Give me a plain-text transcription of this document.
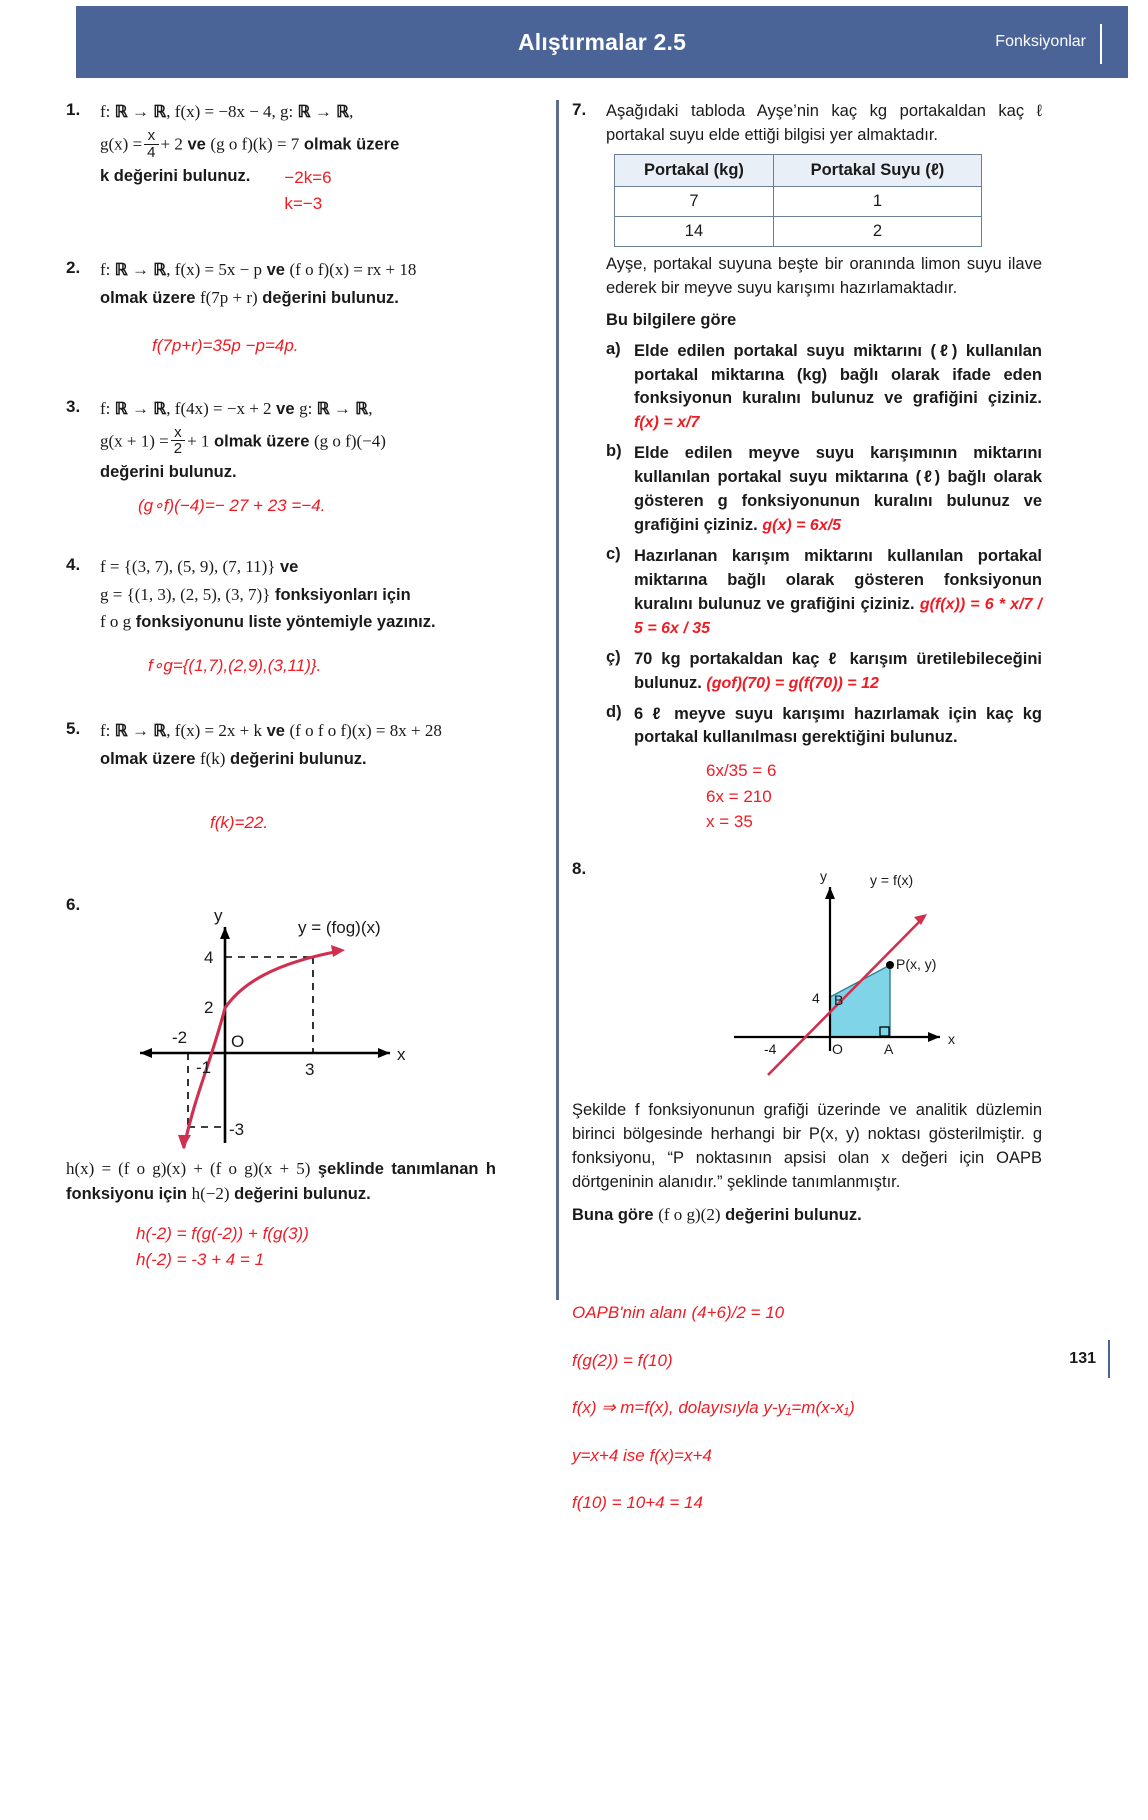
Alıştırmalar 2.5	Fonksiyonlar
1.	f: ℝ → ℝ, f(x) = −8x − 4, g: ℝ → ℝ,
$g(x) = \frac{x}{4} + 2$ ve (g o f)(k) = 7 olmak üzere
k değerini bulunuz. −2k=6
k=−3
2.	f: ℝ → ℝ, f(x) = 5x − p ve (f o f)(x) = rx + 18
olmak üzere f(7p + r) değerini bulunuz.
f(7p+r)=35p −p=4p.
3.	f: ℝ → ℝ, f(4x) = −x + 2 ve g: ℝ → ℝ,
$g(x + 1) = \frac{x}{2} + 1$ olmak üzere (g o f)(−4)
değerini bulunuz.
(g∘f)(−4)=− 27 + 23 =−4.
4.	f = {(3, 7), (5, 9), (7, 11)} ve
g = {(1, 3), (2, 5), (3, 7)} fonksiyonları için
f o g fonksiyonunu liste yöntemiyle yazınız.
f∘g={(1,7),(2,9),(3,11)}.
5.	f: ℝ → ℝ, f(x) = 2x + k ve (f o f o f)(x) = 8x + 28
olmak üzere f(k) değerini bulunuz.
f(k)=22.
6.
4
2
-2
-1	3
-3
O
y
x
y = (fog)(x)
h(x) = (f o g)(x) + (f o g)(x + 5) şeklinde tanımlanan h fonksiyonu için h(−2) değerini bulunuz.
h(-2) = f(g(-2)) + f(g(3))
h(-2) = -3 + 4 = 1
7.	Aşağıdaki tabloda Ayşe’nin kaç kg portakaldan kaç ℓ portakal suyu elde ettiği bilgisi yer almaktadır.
Portakal (kg)	Portakal Suyu (ℓ)
7	1
14	2
Ayşe, portakal suyuna beşte bir oranında limon suyu ilave ederek bir meyve suyu karışımı hazırlamaktadır.
Bu bilgilere göre
a) Elde edilen portakal suyu miktarını (ℓ) kullanılan portakal miktarına (kg) bağlı olarak ifade eden fonksiyonun kuralını bulunuz ve grafiğini çiziniz. f(x) = x/7
b) Elde edilen meyve suyu karışımının miktarını kullanılan portakal suyu miktarına (ℓ) bağlı olarak gösteren g fonksiyonunun kuralını bulunuz ve grafiğini çiziniz. g(x) = 6x/5
c) Hazırlanan karışım miktarını kullanılan portakal miktarına bağlı olarak gösteren fonksiyonun kuralını bulunuz ve grafiğini çiziniz. g(f(x)) = 6 * x/7 / 5 = 6x / 35
ç) 70 kg portakaldan kaç ℓ karışım üretilebileceğini bulunuz. (gof)(70) = g(f(70)) = 12
d) 6 ℓ meyve suyu karışımı hazırlamak için kaç kg portakal kullanılması gerektiğini bulunuz.
6x/35 = 6
6x = 210
x = 35
8.	y
x
y = f(x)
P(x, y)
4 B
O	A
-4
Şekilde f fonksiyonunun grafiği üzerinde ve analitik düzlemin birinci bölgesinde herhangi bir P(x, y) noktası gösterilmiştir. g fonksiyonu, “P noktasının apsisi olan x değeri için OAPB dörtgeninin alanıdır.” şeklinde tanımlanmıştır.
Buna göre (f o g)(2) değerini bulunuz.
OAPB'nin alanı (4+6)/2 = 10
f(g(2)) = f(10)
f(x) ⇒ m=f(x), dolayısıyla y-y₁=m(x-x₁)
y=x+4 ise f(x)=x+4
f(10) = 10+4 = 14
131
